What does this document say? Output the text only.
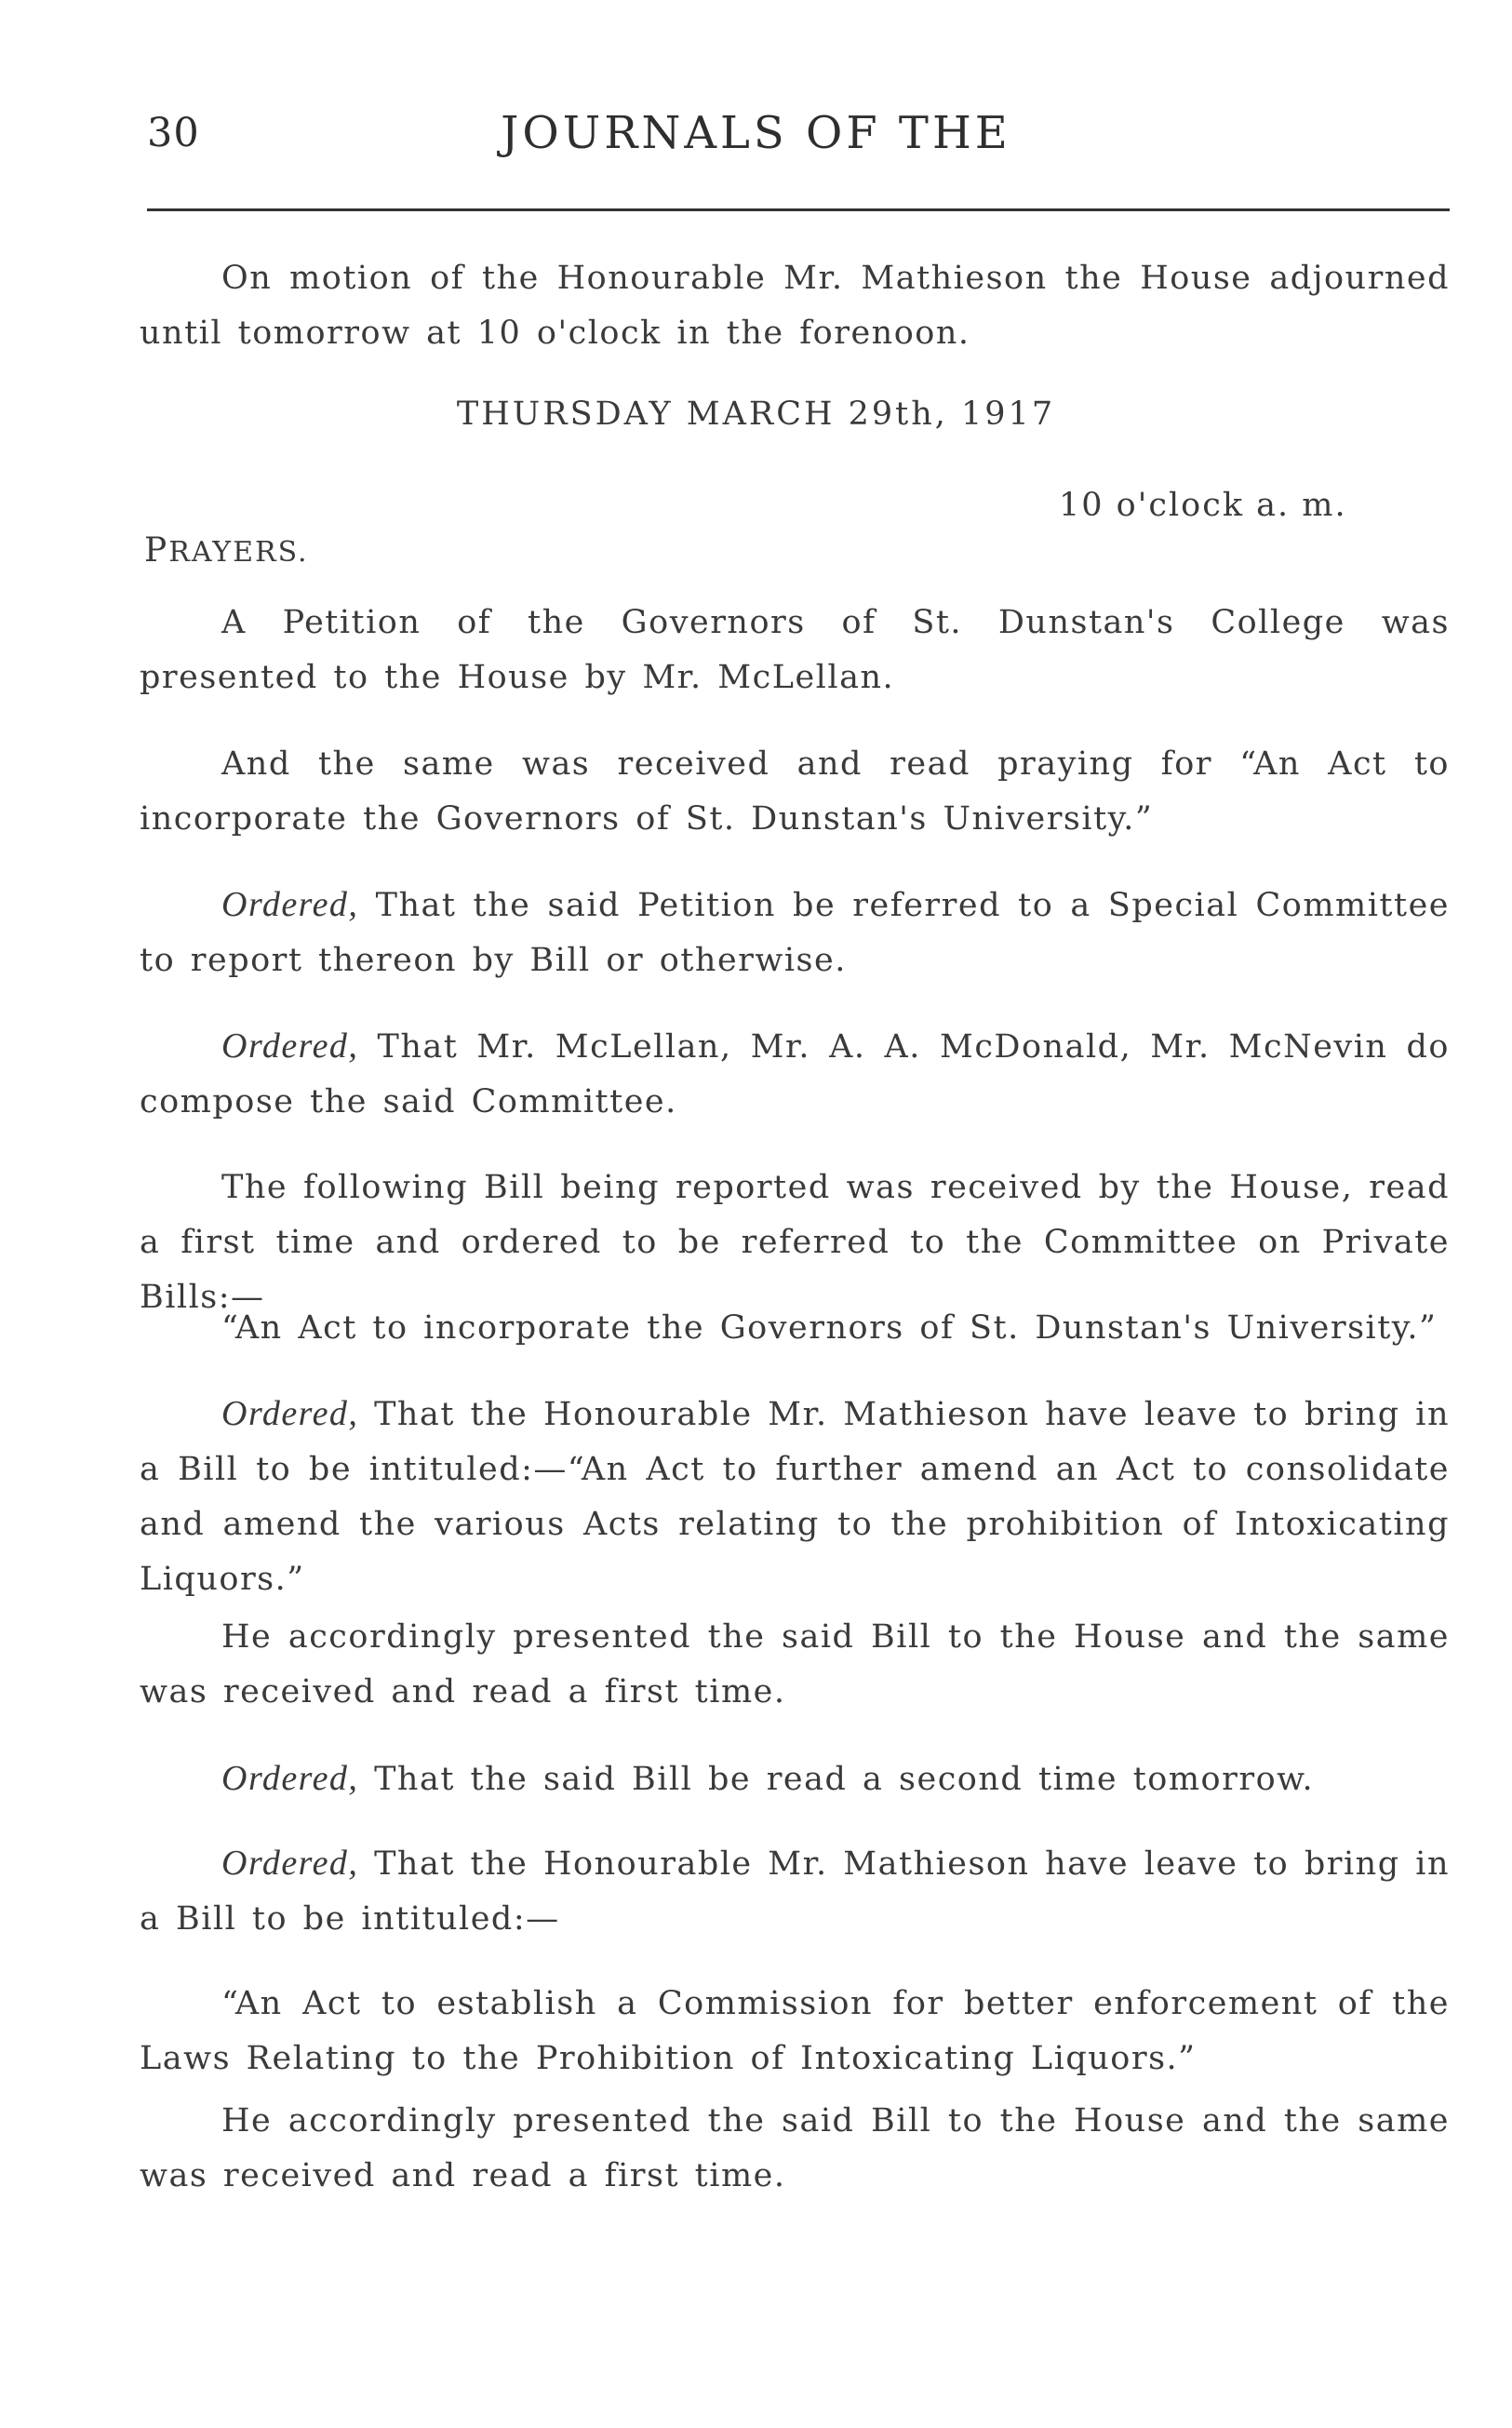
30	JOURNALS OF THE

On motion of the Honourable Mr. Mathieson the House adjourned until tomorrow at 10 o'clock in the forenoon.

THURSDAY MARCH 29th, 1917
10 o'clock a. m.
PRAYERS.

A Petition of the Governors of St. Dunstan's College was presented to the House by Mr. McLellan.

And the same was received and read praying for “An Act to incorporate the Governors of St. Dunstan's University.”

Ordered, That the said Petition be referred to a Special Committee to report thereon by Bill or otherwise.

Ordered, That Mr. McLellan, Mr. A. A. McDonald, Mr. McNevin do compose the said Committee.

The following Bill being reported was received by the House, read a first time and ordered to be referred to the Committee on Private Bills:—

“An Act to incorporate the Governors of St. Dunstan's University.”

Ordered, That the Honourable Mr. Mathieson have leave to bring in a Bill to be intituled:—“An Act to further amend an Act to consolidate and amend the various Acts relating to the prohibition of Intoxicating Liquors.”

He accordingly presented the said Bill to the House and the same was received and read a first time.

Ordered, That the said Bill be read a second time tomorrow.

Ordered, That the Honourable Mr. Mathieson have leave to bring in a Bill to be intituled:—

“An Act to establish a Commission for better enforcement of the Laws Relating to the Prohibition of Intoxicating Liquors.”

He accordingly presented the said Bill to the House and the same was received and read a first time.
